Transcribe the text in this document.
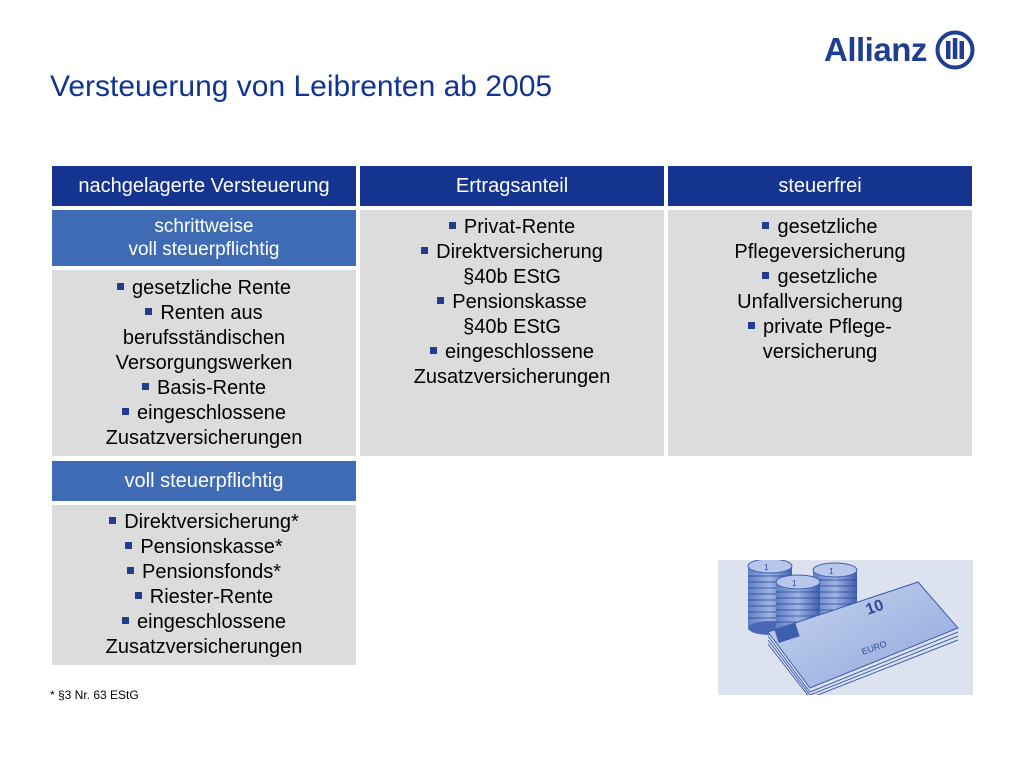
Allianz
Versteuerung von Leibrenten ab 2005
nachgelagerte Versteuerung
schrittweise
voll steuerpflichtig
gesetzliche Rente
Renten aus
berufsständischen
Versorgungswerken
Basis-Rente
eingeschlossene
Zusatzversicherungen
Ertragsanteil
Privat-Rente
Direktversicherung
§40b EStG
Pensionskasse
§40b EStG
eingeschlossene
Zusatzversicherungen
steuerfrei
gesetzliche
Pflegeversicherung
gesetzliche
Unfallversicherung
private Pflege-
versicherung
voll steuerpflichtig
Direktversicherung*
Pensionskasse*
Pensionsfonds*
Riester-Rente
eingeschlossene
Zusatzversicherungen
* §3 Nr. 63 EStG
1	1
1
10
EURO
